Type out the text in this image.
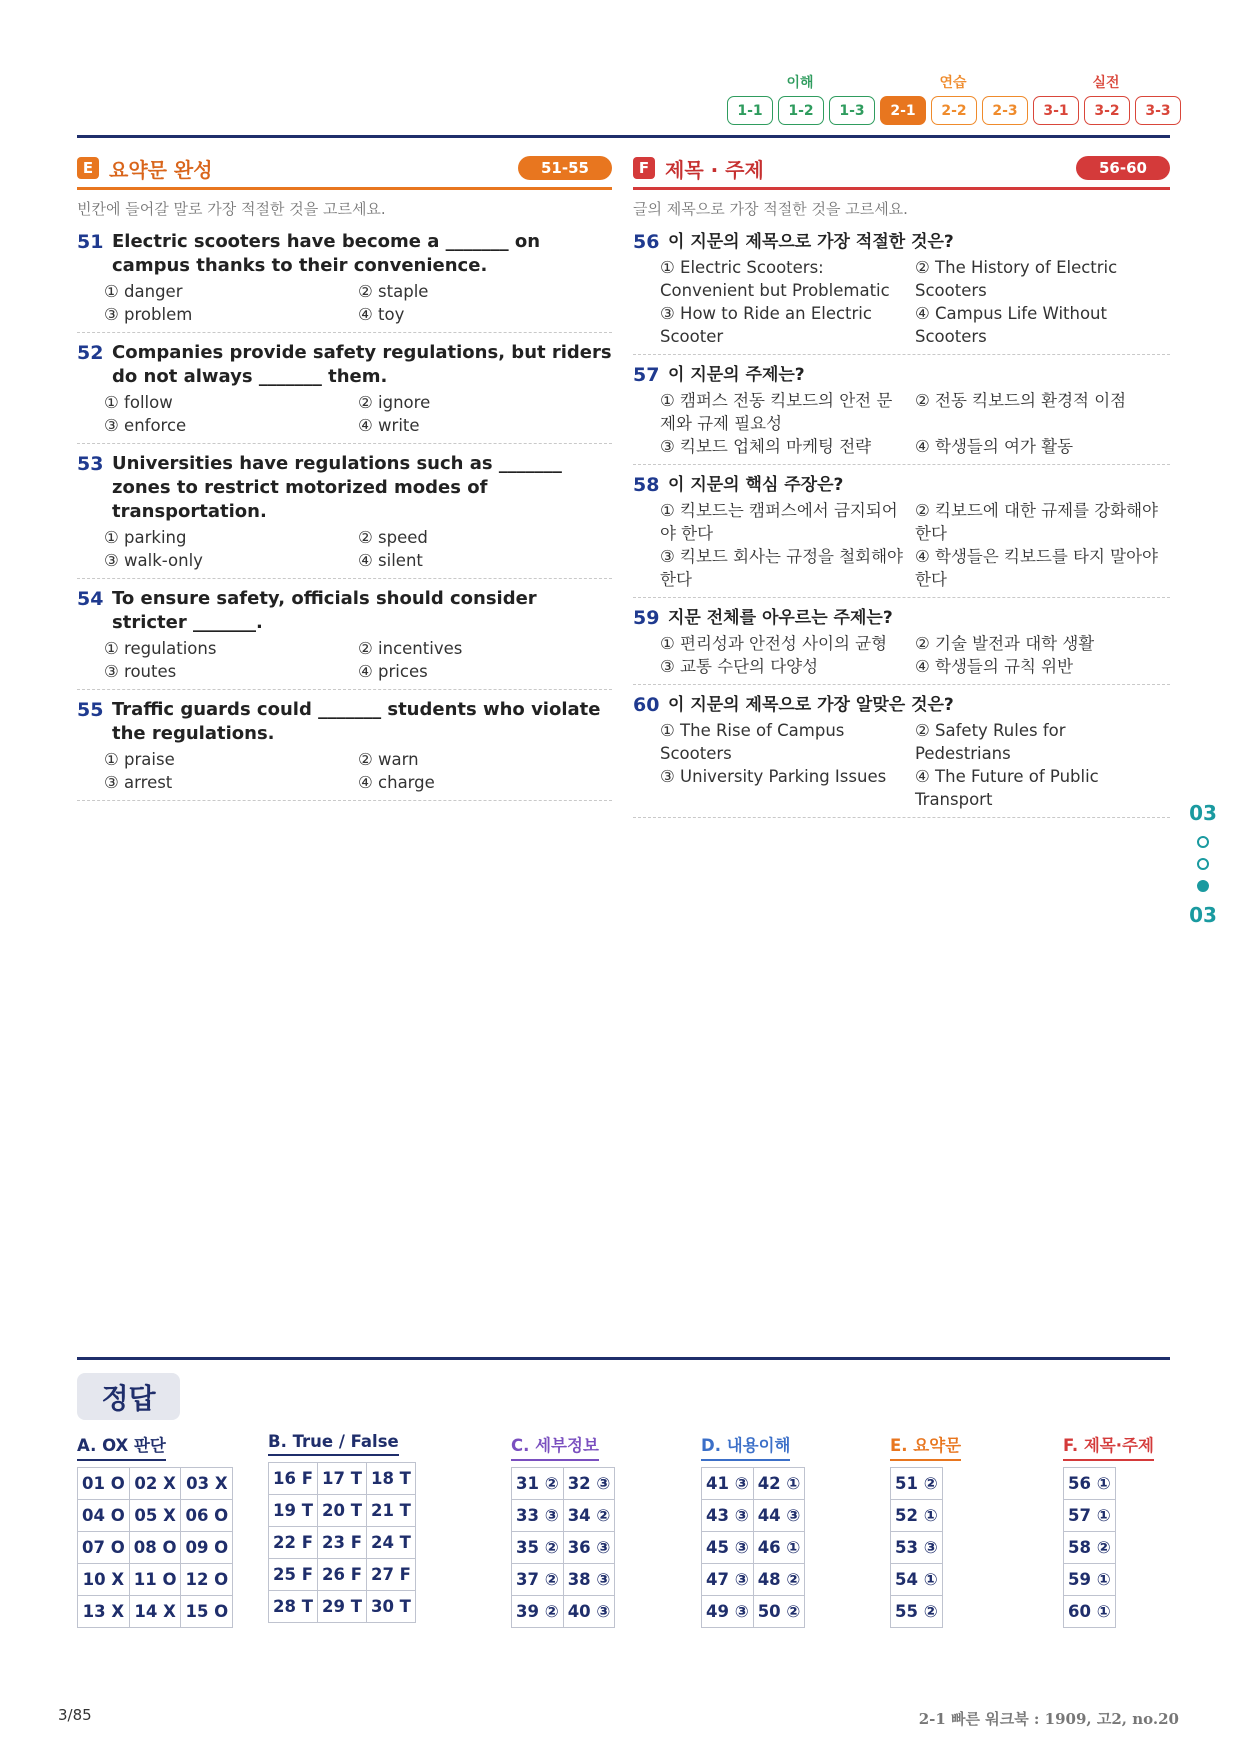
이해	연습	실전
1-1	1-2	1-3	2-1	2-2	2-3	3-1	3-2	3-3
E 요약문 완성	51-55
빈칸에 들어갈 말로 가장 적절한 것을 고르세요.
51 Electric scooters have become a _______ on campus thanks to their convenience.
① danger	② staple
③ problem	④ toy
52 Companies provide safety regulations, but riders do not always _______ them.
① follow	② ignore
③ enforce	④ write
53 Universities have regulations such as _______ zones to restrict motorized modes of transportation.
① parking	② speed
③ walk-only	④ silent
54 To ensure safety, officials should consider stricter _______.
① regulations	② incentives
③ routes	④ prices
55 Traffic guards could _______ students who violate the regulations.
① praise	② warn
③ arrest	④ charge
F 제목 · 주제	56-60
글의 제목으로 가장 적절한 것을 고르세요.
56 이 지문의 제목으로 가장 적절한 것은?
① Electric Scooters: Convenient but Problematic
② The History of Electric Scooters
③ How to Ride an Electric Scooter
④ Campus Life Without Scooters
57 이 지문의 주제는?
① 캠퍼스 전동 킥보드의 안전 문제와 규제 필요성
② 전동 킥보드의 환경적 이점
③ 킥보드 업체의 마케팅 전략	④ 학생들의 여가 활동
58 이 지문의 핵심 주장은?
① 킥보드는 캠퍼스에서 금지되어야 한다
② 킥보드에 대한 규제를 강화해야 한다
③ 킥보드 회사는 규정을 철회해야 한다
④ 학생들은 킥보드를 타지 말아야 한다
59 지문 전체를 아우르는 주제는?
① 편리성과 안전성 사이의 균형	② 기술 발전과 대학 생활
③ 교통 수단의 다양성	④ 학생들의 규칙 위반
60 이 지문의 제목으로 가장 알맞은 것은?
① The Rise of Campus Scooters
② Safety Rules for Pedestrians
③ University Parking Issues	④ The Future of Public Transport
03
03
정답
A. OX 판단
01 O	02 X	03 X
04 O	05 X	06 O
07 O	08 O	09 O
10 X	11 O	12 O
13 X	14 X	15 O
B. True / False
16 F	17 T	18 T
19 T	20 T	21 T
22 F	23 F	24 T
25 F	26 F	27 F
28 T	29 T	30 T
C. 세부정보
31 ②	32 ③
33 ③	34 ②
35 ②	36 ③
37 ②	38 ③
39 ②	40 ③
D. 내용이해
41 ③	42 ①
43 ③	44 ③
45 ③	46 ①
47 ③	48 ②
49 ③	50 ②
E. 요약문
51 ②
52 ①
53 ③
54 ①
55 ②
F. 제목·주제
56 ①
57 ①
58 ②
59 ①
60 ①
3/85	2-1 빠른 워크북 : 1909, 고2, no.20
